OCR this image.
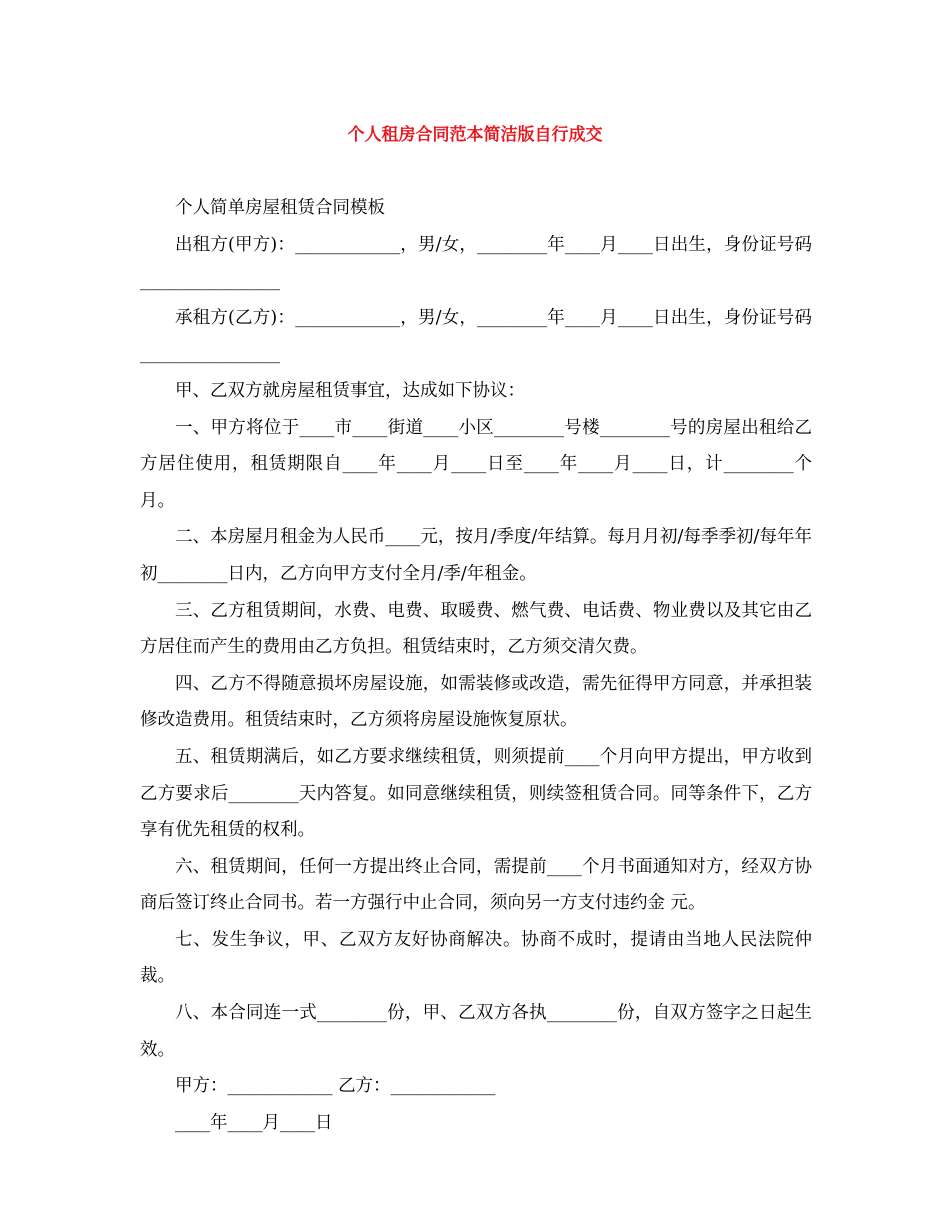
个人租房合同范本简洁版自行成交

个人简单房屋租赁合同模板

出租方(甲方)：____________，男/女，________年____月____日出生，身份证号码________________

承租方(乙方)：____________，男/女，________年____月____日出生，身份证号码________________

甲、乙双方就房屋租赁事宜，达成如下协议：

一、甲方将位于____市____街道____小区________号楼________号的房屋出租给乙方居住使用，租赁期限自____年____月____日至____年____月____日，计________个月。

二、本房屋月租金为人民币____元，按月/季度/年结算。每月月初/每季季初/每年年初________日内，乙方向甲方支付全月/季/年租金。

三、乙方租赁期间，水费、电费、取暖费、燃气费、电话费、物业费以及其它由乙方居住而产生的费用由乙方负担。租赁结束时，乙方须交清欠费。

四、乙方不得随意损坏房屋设施，如需装修或改造，需先征得甲方同意，并承担装修改造费用。租赁结束时，乙方须将房屋设施恢复原状。

五、租赁期满后，如乙方要求继续租赁，则须提前____个月向甲方提出，甲方收到乙方要求后________天内答复。如同意继续租赁，则续签租赁合同。同等条件下，乙方享有优先租赁的权利。

六、租赁期间，任何一方提出终止合同，需提前____个月书面通知对方，经双方协商后签订终止合同书。若一方强行中止合同，须向另一方支付违约金 元。

七、发生争议，甲、乙双方友好协商解决。协商不成时，提请由当地人民法院仲裁。

八、本合同连一式________份，甲、乙双方各执________份，自双方签字之日起生效。

甲方：____________ 乙方：____________

____年____月____日
